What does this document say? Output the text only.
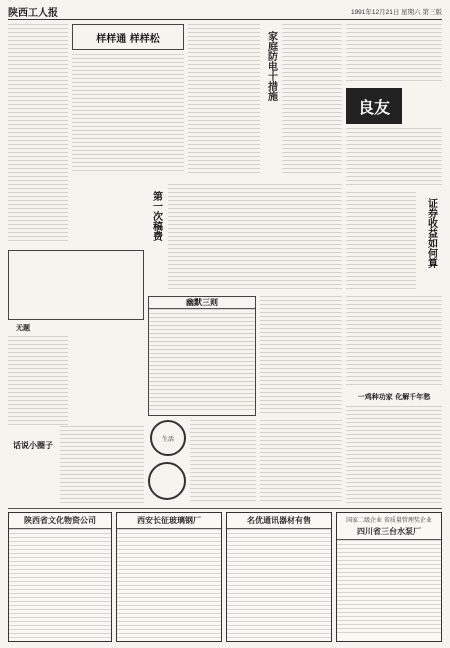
陕西工人报	1991年12月21日 星期六 第三版
样样通 样样松	家庭防电十措施
良友
证券收益如何算
第一次稿费
无题
幽默三则
话说小圈子	生活
一鸡种功家 化解千年愁
陕西省文化物资公司	西安长征玻璃钢厂	名优通讯器材有售	国家二级企业 省质量管理奖企业
四川省三台水泵厂
